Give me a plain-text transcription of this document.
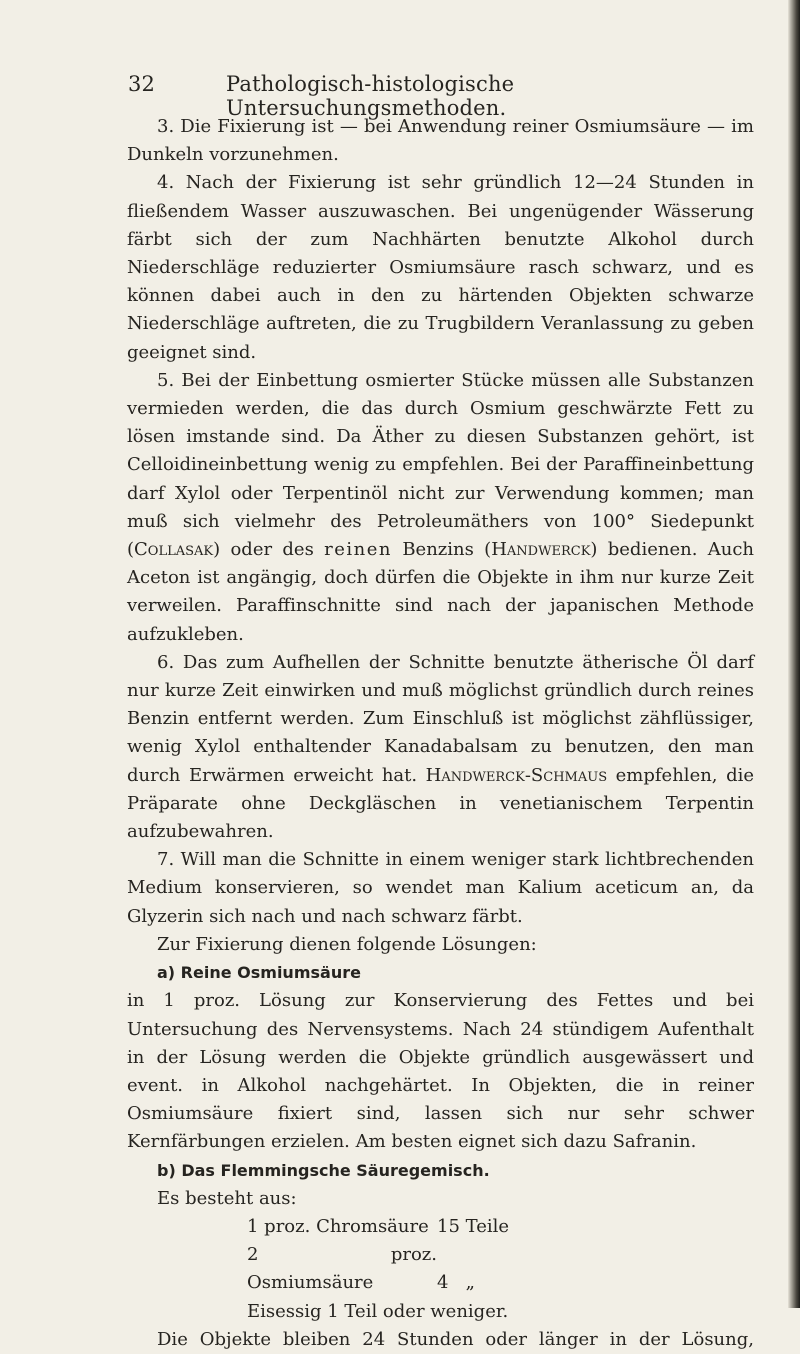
32	Pathologisch-histologische Untersuchungsmethoden.

3. Die Fixierung ist — bei Anwendung reiner Osmiumsäure — im Dunkeln vorzunehmen.

4. Nach der Fixierung ist sehr gründlich 12—24 Stunden in fließendem Wasser auszuwaschen. Bei ungenügender Wässerung färbt sich der zum Nachhärten benutzte Alkohol durch Niederschläge reduzierter Osmiumsäure rasch schwarz, und es können dabei auch in den zu härtenden Objekten schwarze Niederschläge auftreten, die zu Trugbildern Veranlassung zu geben geeignet sind.

5. Bei der Einbettung osmierter Stücke müssen alle Substanzen vermieden werden, die das durch Osmium geschwärzte Fett zu lösen imstande sind. Da Äther zu diesen Substanzen gehört, ist Celloidineinbettung wenig zu empfehlen. Bei der Paraffineinbettung darf Xylol oder Terpentinöl nicht zur Verwendung kommen; man muß sich vielmehr des Petroleumäthers von 100° Siedepunkt (Collasak) oder des reinen Benzins (Handwerck) bedienen. Auch Aceton ist angängig, doch dürfen die Objekte in ihm nur kurze Zeit verweilen. Paraffinschnitte sind nach der japanischen Methode aufzukleben.

6. Das zum Aufhellen der Schnitte benutzte ätherische Öl darf nur kurze Zeit einwirken und muß möglichst gründlich durch reines Benzin entfernt werden. Zum Einschluß ist möglichst zähflüssiger, wenig Xylol enthaltender Kanadabalsam zu benutzen, den man durch Erwärmen erweicht hat. Handwerck-Schmaus empfehlen, die Präparate ohne Deckgläschen in venetianischem Terpentin aufzubewahren.

7. Will man die Schnitte in einem weniger stark lichtbrechenden Medium konservieren, so wendet man Kalium aceticum an, da Glyzerin sich nach und nach schwarz färbt.

Zur Fixierung dienen folgende Lösungen:

a) Reine Osmiumsäure

in 1 proz. Lösung zur Konservierung des Fettes und bei Untersuchung des Nervensystems. Nach 24 stündigem Aufenthalt in der Lösung werden die Objekte gründlich ausgewässert und event. in Alkohol nachgehärtet. In Objekten, die in reiner Osmiumsäure fixiert sind, lassen sich nur sehr schwer Kernfärbungen erzielen. Am besten eignet sich dazu Safranin.

b) Das Flemmingsche Säuregemisch.

Es besteht aus:

1 proz. Chromsäure 15 Teile

2 proz. Osmiumsäure	4 „

Eisessig 1 Teil oder weniger.

Die Objekte bleiben 24 Stunden oder länger in der Lösung,
